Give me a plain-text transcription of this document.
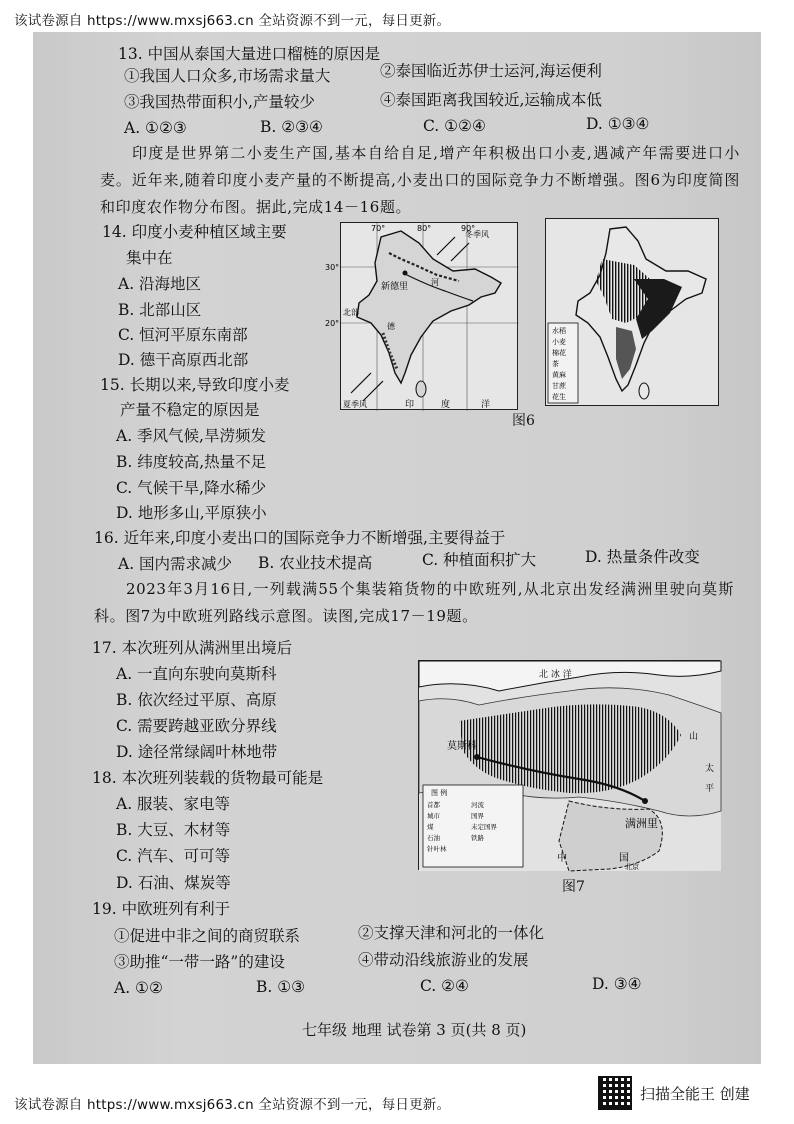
该试卷源自 https://www.mxsj663.cn 全站资源不到一元，每日更新。
13. 中国从泰国大量进口榴梿的原因是
①我国人口众多,市场需求量大	②泰国临近苏伊士运河,海运便利
③我国热带面积小,产量较少	④泰国距离我国较近,运输成本低
A. ①②③	B. ②③④	C. ①②④	D. ①③④
印度是世界第二小麦生产国,基本自给自足,增产年积极出口小麦,遇减产年需要进口小麦。近年来,随着印度小麦产量的不断提高,小麦出口的国际竞争力不断增强。图6为印度简图和印度农作物分布图。据此,完成14－16题。
14. 印度小麦种植区域主要
集中在
A. 沿海地区
B. 北部山区
C. 恒河平原东南部
D. 德干高原西北部
15. 长期以来,导致印度小麦
产量不稳定的原因是
A. 季风气候,旱涝频发
B. 纬度较高,热量不足
C. 气候干旱,降水稀少
D. 地形多山,平原狭小
30°
20°
70°	80°	90°
冬季风
新德里	河
北部
德
夏季风	印	度	洋
水稻
小麦
棉花
茶
黄麻
甘蔗
花生
图6
16. 近年来,印度小麦出口的国际竞争力不断增强,主要得益于
A. 国内需求减少 B. 农业技术提高	C. 种植面积扩大	D. 热量条件改变
2023年3月16日,一列载满55个集装箱货物的中欧班列,从北京出发经满洲里驶向莫斯科。图7为中欧班列路线示意图。读图,完成17－19题。
17. 本次班列从满洲里出境后
A. 一直向东驶向莫斯科
B. 依次经过平原、高原
C. 需要跨越亚欧分界线
D. 途径常绿阔叶林地带
18. 本次班列装载的货物最可能是
A. 服装、家电等
B. 大豆、木材等
C. 汽车、可可等
D. 石油、煤炭等
北 冰 洋
莫斯科
满洲里
中	国
北京
山
太
平
图 例
首都
城市
煤
石油
针叶林
河流
国界
未定国界
铁路
图7
19. 中欧班列有利于
①促进中非之间的商贸联系	②支撑天津和河北的一体化
③助推“一带一路”的建设	④带动沿线旅游业的发展
A. ①②	B. ①③	C. ②④	D. ③④
七年级 地理 试卷第 3 页(共 8 页)
该试卷源自 https://www.mxsj663.cn 全站资源不到一元，每日更新。
扫描全能王 创建
